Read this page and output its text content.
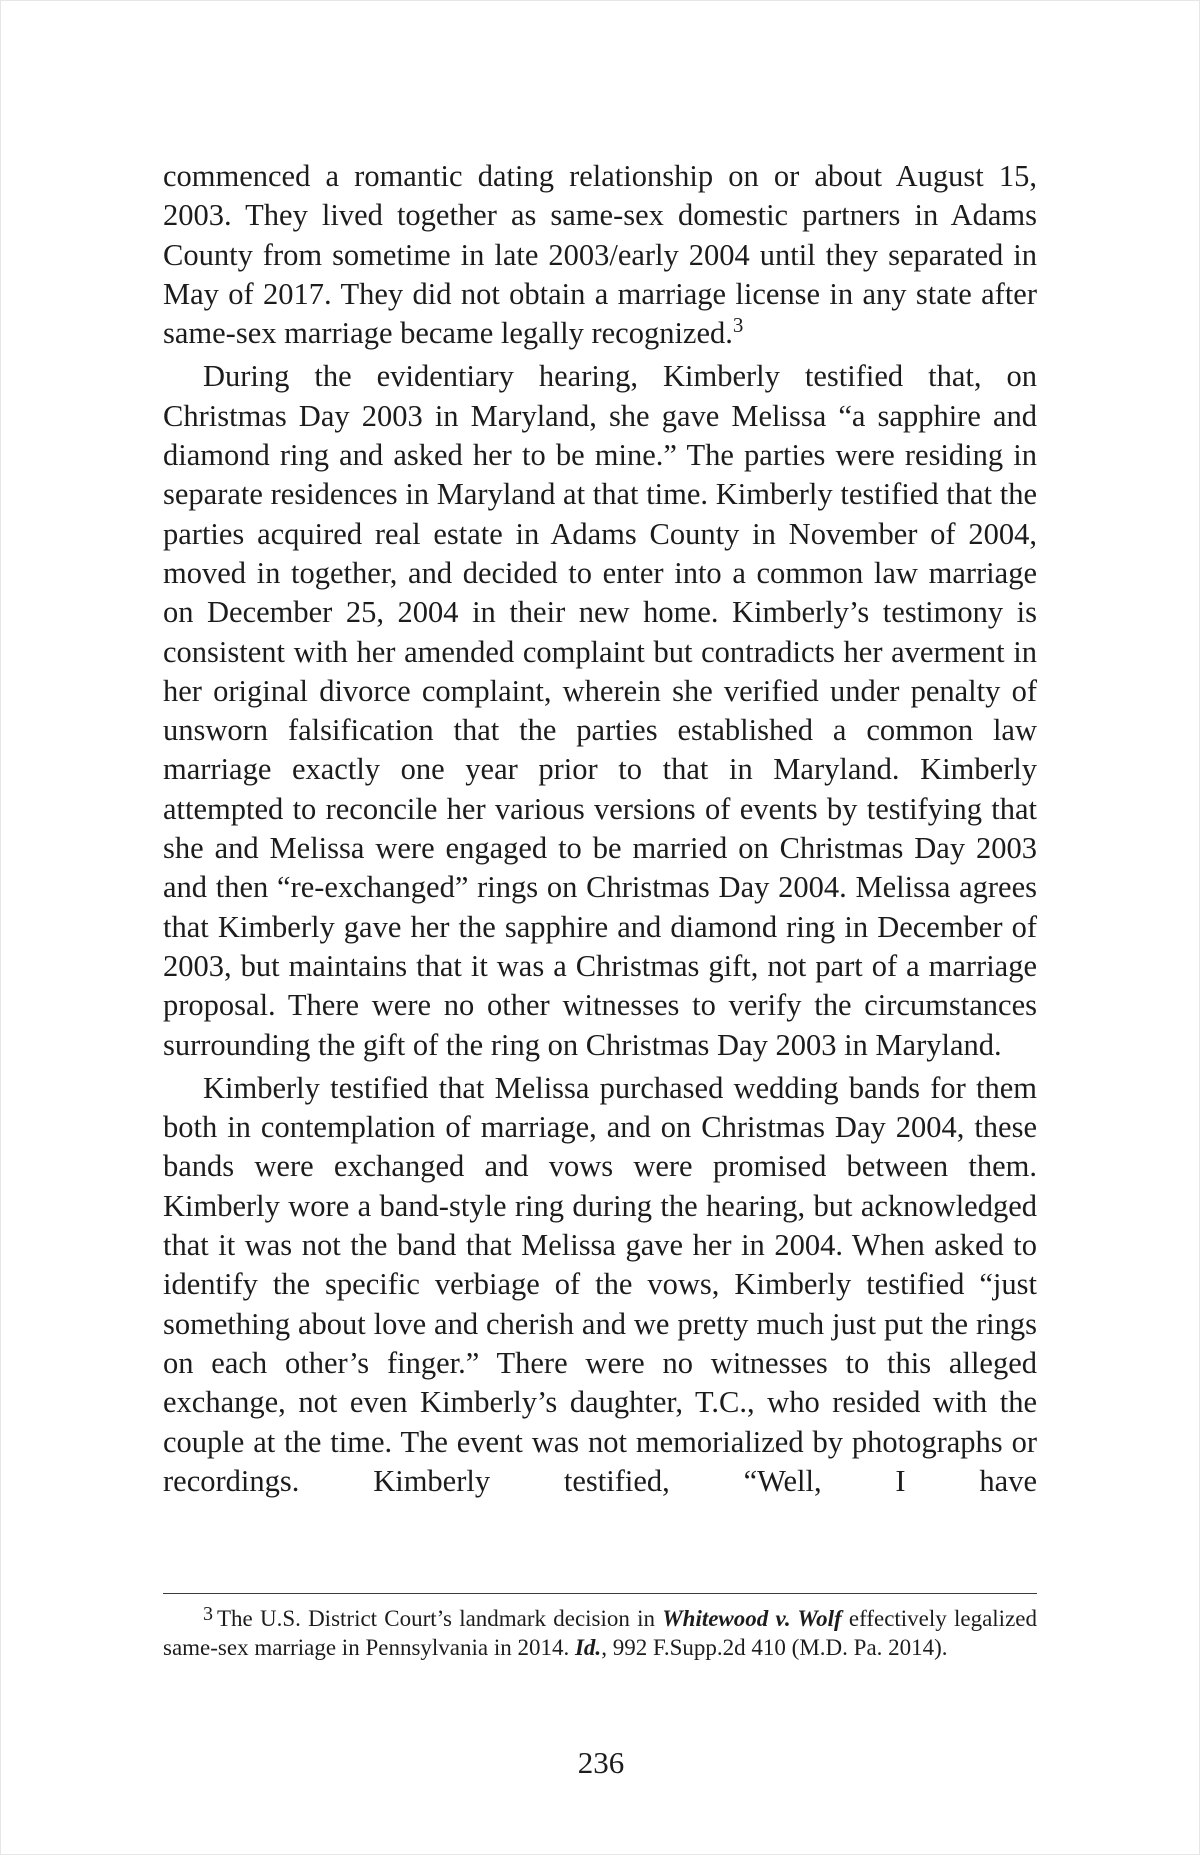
commenced a romantic dating relationship on or about August 15, 2003. They lived together as same-sex domestic partners in Adams County from sometime in late 2003/early 2004 until they separated in May of 2017. They did not obtain a marriage license in any state after same-sex marriage became legally recognized.$^3$

During the evidentiary hearing, Kimberly testified that, on Christmas Day 2003 in Maryland, she gave Melissa “a sapphire and diamond ring and asked her to be mine.” The parties were residing in separate residences in Maryland at that time. Kimberly testified that the parties acquired real estate in Adams County in November of 2004, moved in together, and decided to enter into a common law marriage on December 25, 2004 in their new home. Kimberly’s testimony is consistent with her amended complaint but contradicts her averment in her original divorce complaint, wherein she verified under penalty of unsworn falsification that the parties established a common law marriage exactly one year prior to that in Maryland. Kimberly attempted to reconcile her various versions of events by testifying that she and Melissa were engaged to be married on Christmas Day 2003 and then “re-exchanged” rings on Christmas Day 2004. Melissa agrees that Kimberly gave her the sapphire and diamond ring in December of 2003, but maintains that it was a Christmas gift, not part of a marriage proposal. There were no other witnesses to verify the circumstances surrounding the gift of the ring on Christmas Day 2003 in Maryland.

Kimberly testified that Melissa purchased wedding bands for them both in contemplation of marriage, and on Christmas Day 2004, these bands were exchanged and vows were promised between them. Kimberly wore a band-style ring during the hearing, but acknowledged that it was not the band that Melissa gave her in 2004. When asked to identify the specific verbiage of the vows, Kimberly testified “just something about love and cherish and we pretty much just put the rings on each other’s finger.” There were no witnesses to this alleged exchange, not even Kimberly’s daughter, T.C., who resided with the couple at the time. The event was not memorialized by photographs or recordings. Kimberly testified, “Well, I have

3 The U.S. District Court’s landmark decision in Whitewood v. Wolf effectively legalized same-sex marriage in Pennsylvania in 2014. Id., 992 F.Supp.2d 410 (M.D. Pa. 2014).

236
